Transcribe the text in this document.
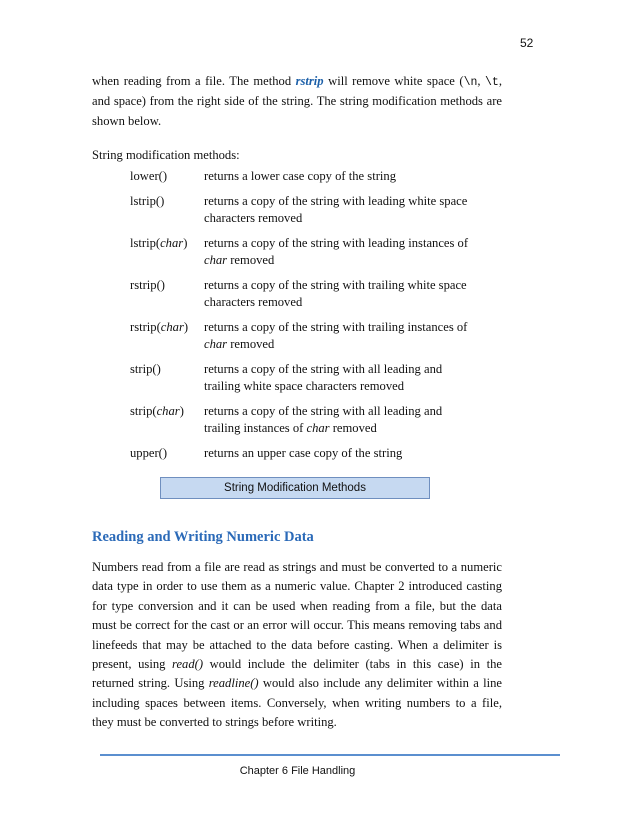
52

when reading from a file. The method rstrip will remove white space (\n, \t, and space) from the right side of the string. The string modification methods are shown below.

String modification methods:

lower()	returns a lower case copy of the string
lstrip()	returns a copy of the string with leading white space characters removed
lstrip(char)	returns a copy of the string with leading instances of char removed
rstrip()	returns a copy of the string with trailing white space characters removed
rstrip(char)	returns a copy of the string with trailing instances of char removed
strip()	returns a copy of the string with all leading and trailing white space characters removed
strip(char)	returns a copy of the string with all leading and trailing instances of char removed
upper()	returns an upper case copy of the string
String Modification Methods
Reading and Writing Numeric Data

Numbers read from a file are read as strings and must be converted to a numeric data type in order to use them as a numeric value. Chapter 2 introduced casting for type conversion and it can be used when reading from a file, but the data must be correct for the cast or an error will occur. This means removing tabs and linefeeds that may be attached to the data before casting. When a delimiter is present, using read() would include the delimiter (tabs in this case) in the returned string. Using readline() would also include any delimiter within a line including spaces between items. Conversely, when writing numbers to a file, they must be converted to strings before writing.

Chapter 6 File Handling
